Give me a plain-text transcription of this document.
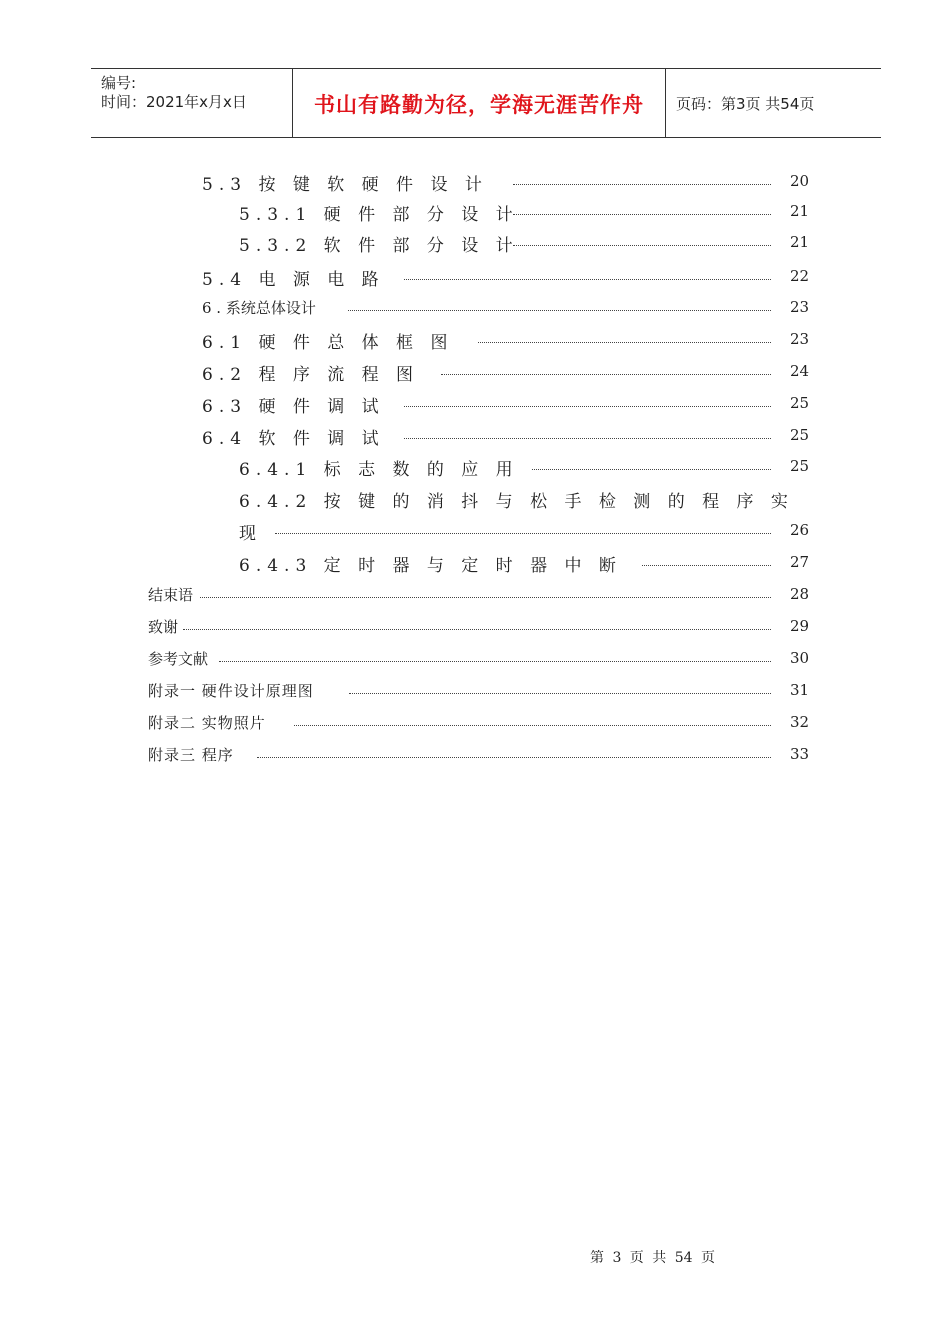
编号:
时间：2021年x月x日	书山有路勤为径，学海无涯苦作舟	页码：第3页 共54页
5.3 按 键 软 硬 件 设 计	20
5.3.1 硬 件 部 分 设 计	21
5.3.2 软 件 部 分 设 计	21
5.4 电 源 电 路	22
6 . 系统总体设计	23
6.1 硬 件 总 体 框 图	23
6.2 程 序 流 程 图	24
6.3 硬 件 调 试	25
6.4 软 件 调 试	25
6.4.1 标 志 数 的 应 用	25
6.4.2 按 键 的 消 抖 与 松 手 检 测 的 程 序 实
现	26
6.4.3 定 时 器 与 定 时 器 中 断	27
结束语	28
致谢	29
参考文献	30
附录一 硬件设计原理图	31
附录二 实物照片	32
附录三 程序	33
第 3 页 共 54 页
